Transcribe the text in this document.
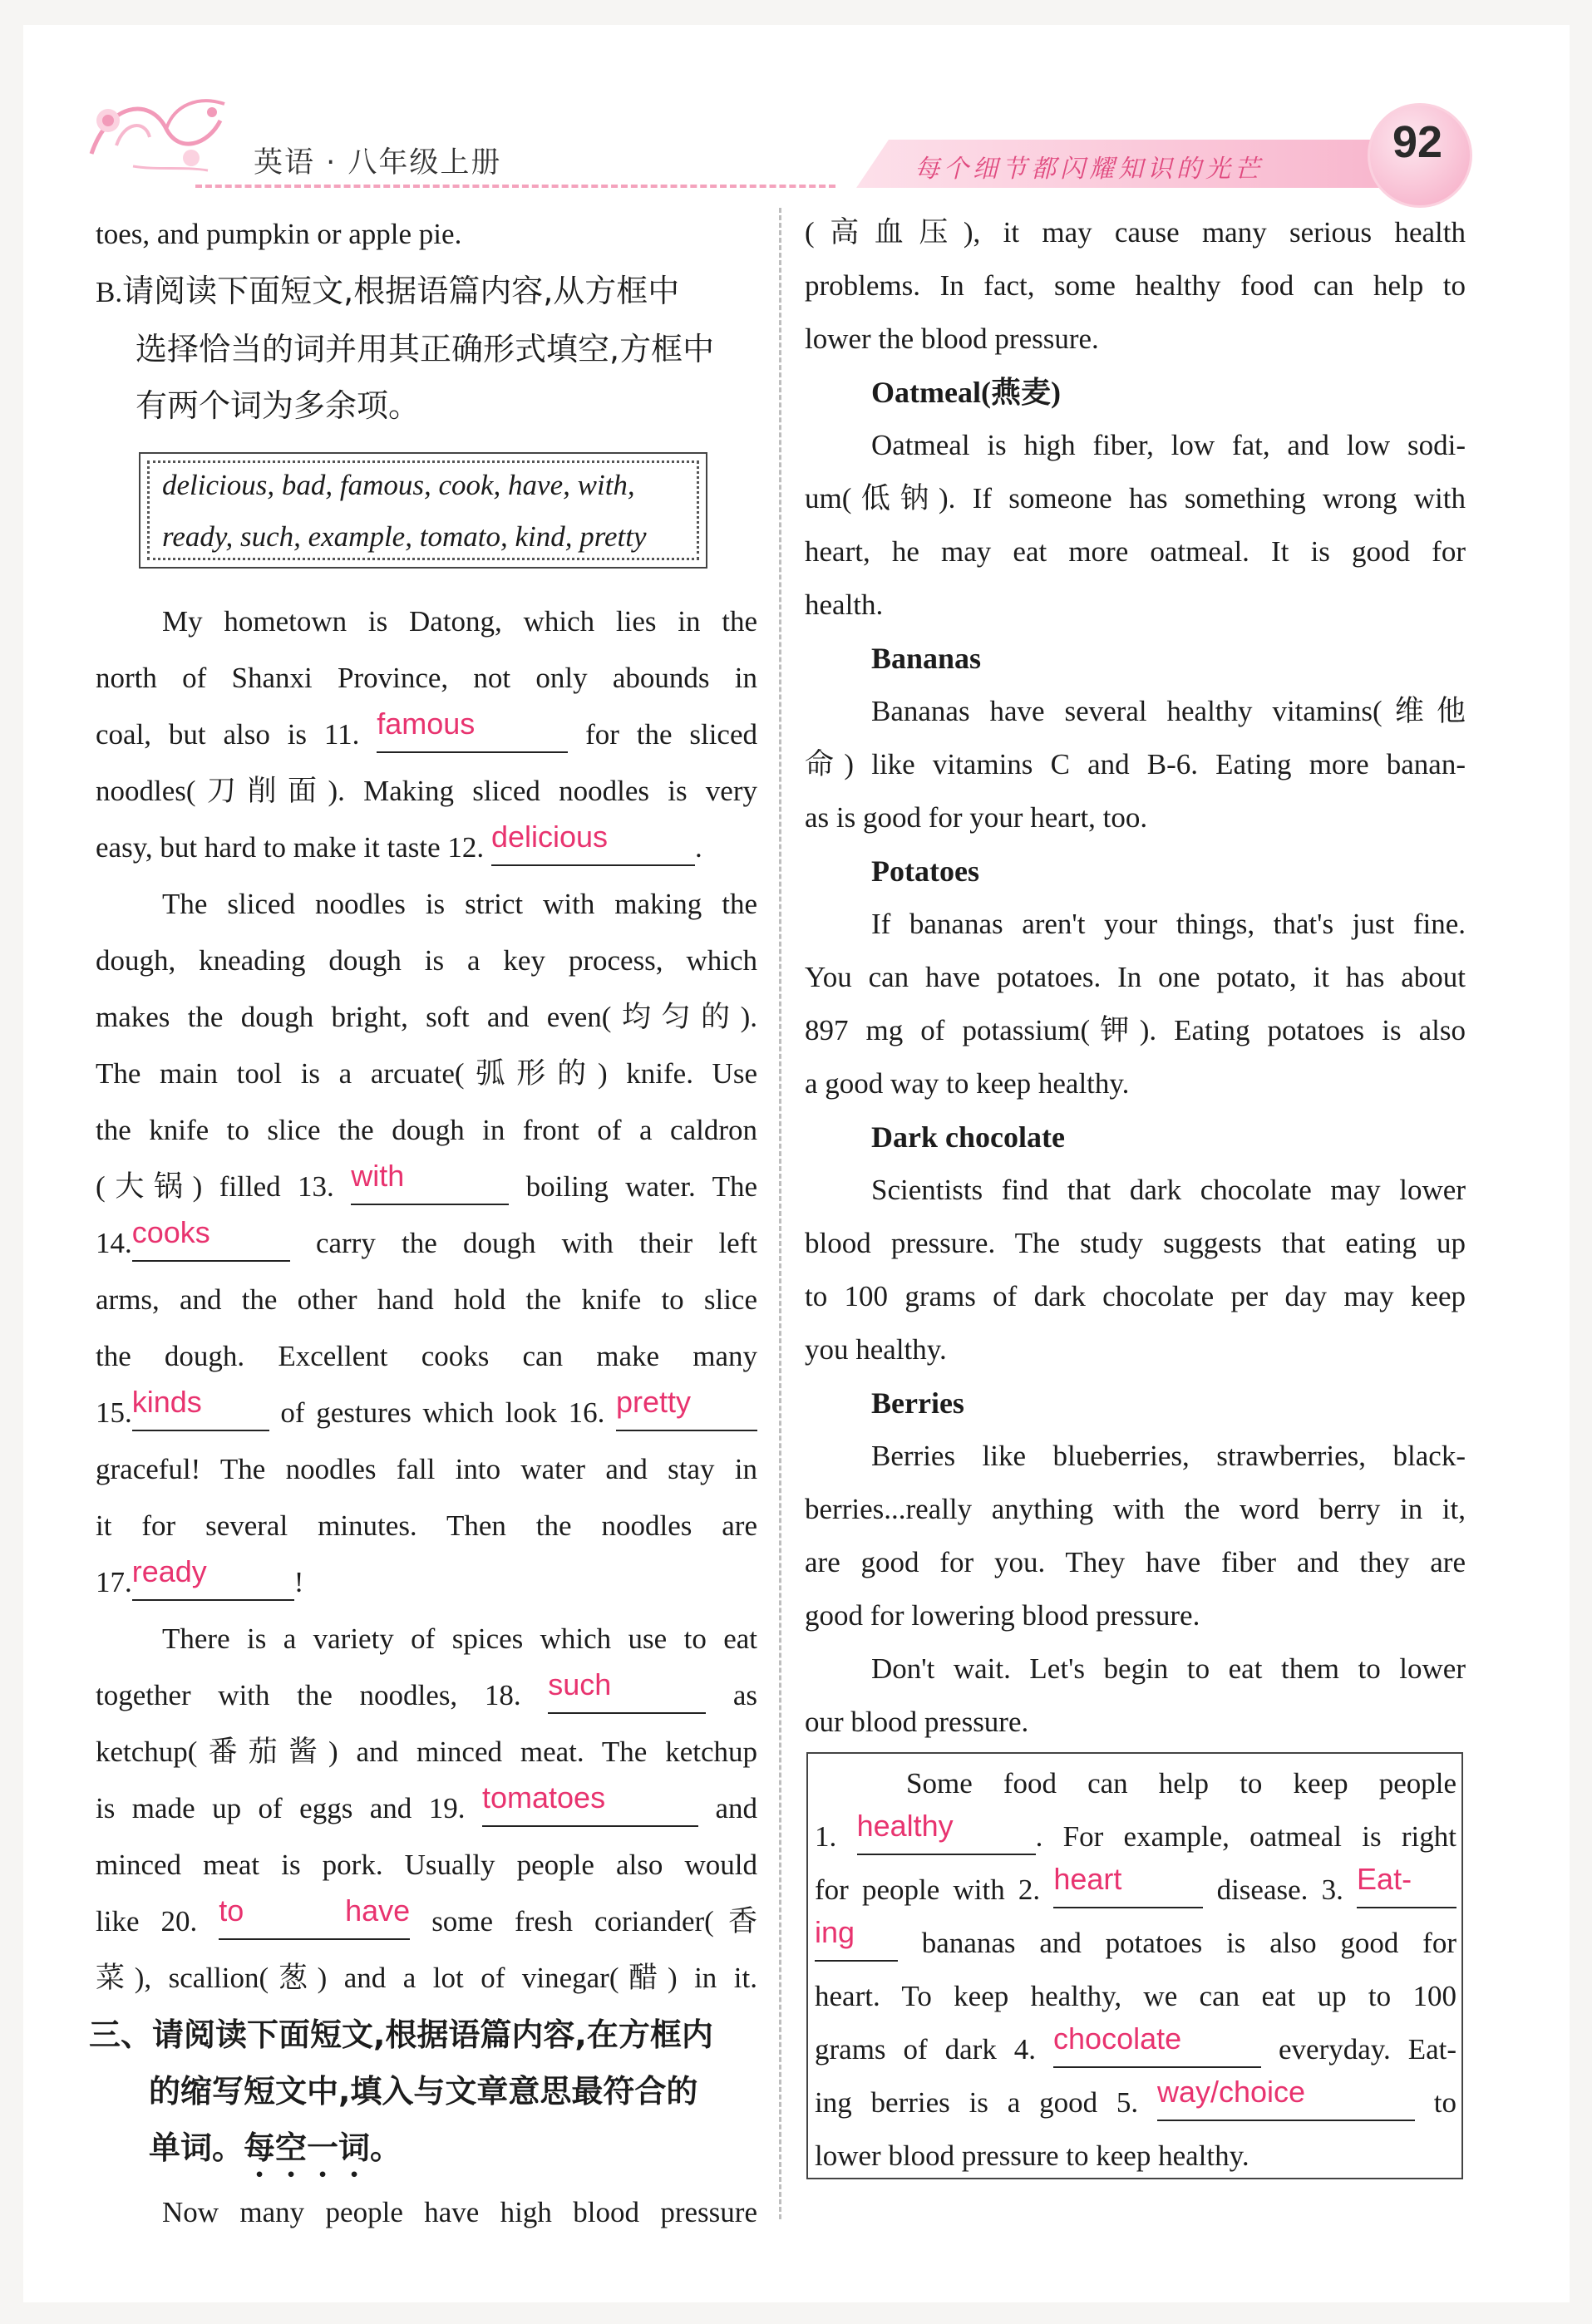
英语 · 八年级上册	每个细节都闪耀知识的光芒
92

toes, and pumpkin or apple pie.

B.请阅读下面短文,根据语篇内容,从方框中

选择恰当的词并用其正确形式填空,方框中

有两个词为多余项。

delicious, bad, famous, cook, have, with,
ready, such, example, tomato, kind, pretty

My hometown is Datong, which lies in the

north of Shanxi Province, not only abounds in

coal, but also is 11. famous	for the sliced

noodles(刀削面). Making sliced noodles is very

easy, but hard to make it taste 12. delicious	.

The sliced noodles is strict with making the

dough, kneading dough is a key process, which

makes the dough bright, soft and even(均匀的).

The main tool is a arcuate(弧形的) knife. Use

the knife to slice the dough in front of a caldron

(大锅) filled 13. with	boiling water. The

14.cooks	carry the dough with their left

arms, and the other hand hold the knife to slice

the dough. Excellent cooks can make many

15.kinds	of gestures which look 16. pretty

graceful! The noodles fall into water and stay in

it for several minutes. Then the noodles are

17.ready	!

There is a variety of spices which use to eat

together with the noodles, 18. such	as

ketchup(番茄酱) and minced meat. The ketchup

is made up of eggs and 19. tomatoes	and

minced meat is pork. Usually people also would

like 20. to have some fresh coriander(香

菜), scallion(葱) and a lot of vinegar(醋) in it.

三、请阅读下面短文,根据语篇内容,在方框内

的缩写短文中,填入与文章意思最符合的

单词。每空一词。

Now many people have high blood pressure

(高血压), it may cause many serious health

problems. In fact, some healthy food can help to

lower the blood pressure.

Oatmeal(燕麦)

Oatmeal is high fiber, low fat, and low sodi-

um(低钠). If someone has something wrong with

heart, he may eat more oatmeal. It is good for

health.

Bananas

Bananas have several healthy vitamins(维他

命) like vitamins C and B-6. Eating more banan-

as is good for your heart, too.

Potatoes

If bananas aren't your things, that's just fine.

You can have potatoes. In one potato, it has about

897 mg of potassium(钾). Eating potatoes is also

a good way to keep healthy.

Dark chocolate

Scientists find that dark chocolate may lower

blood pressure. The study suggests that eating up

to 100 grams of dark chocolate per day may keep

you healthy.

Berries

Berries like blueberries, strawberries, black-

berries...really anything with the word berry in it,

are good for you. They have fiber and they are

good for lowering blood pressure.

Don't wait. Let's begin to eat them to lower

our blood pressure.

Some food can help to keep people

1. healthy	. For example, oatmeal is right

for people with 2. heart	disease. 3. Eat-

ing bananas and potatoes is also good for

heart. To keep healthy, we can eat up to 100

grams of dark 4. chocolate	everyday. Eat-

ing berries is a good 5. way/choice	to

lower blood pressure to keep healthy.
